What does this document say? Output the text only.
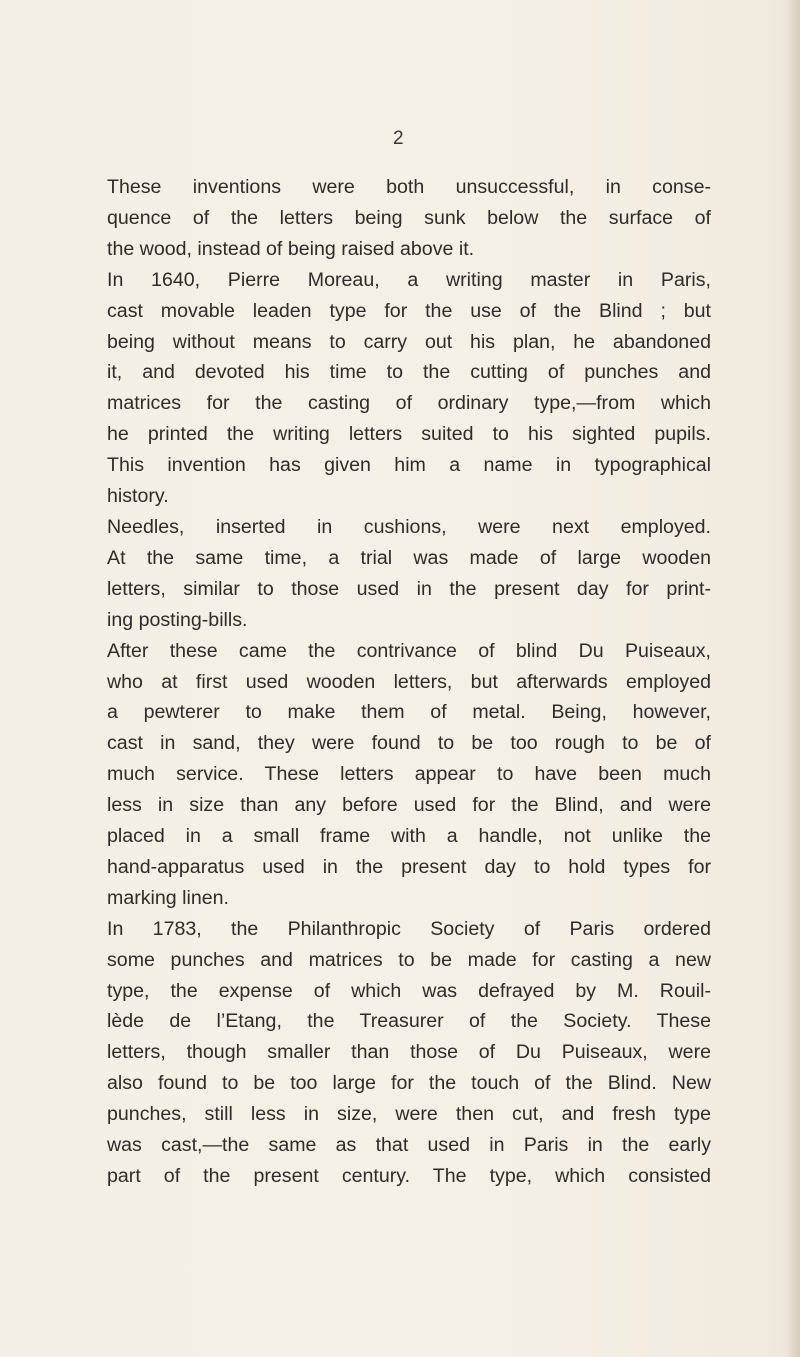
2

These inventions were both unsuccessful, in conse-
quence of the letters being sunk below the surface of
the wood, instead of being raised above it.

In 1640, Pierre Moreau, a writing master in Paris,
cast movable leaden type for the use of the Blind ; but
being without means to carry out his plan, he abandoned
it, and devoted his time to the cutting of punches and
matrices for the casting of ordinary type,—from which
he printed the writing letters suited to his sighted pupils.
This invention has given him a name in typographical
history.

Needles, inserted in cushions, were next employed.
At the same time, a trial was made of large wooden
letters, similar to those used in the present day for print-
ing posting-bills.

After these came the contrivance of blind Du Puiseaux,
who at first used wooden letters, but afterwards employed
a pewterer to make them of metal. Being, however,
cast in sand, they were found to be too rough to be of
much service. These letters appear to have been much
less in size than any before used for the Blind, and were
placed in a small frame with a handle, not unlike the
hand-apparatus used in the present day to hold types for
marking linen.

In 1783, the Philanthropic Society of Paris ordered
some punches and matrices to be made for casting a new
type, the expense of which was defrayed by M. Rouil-
lède de l’Etang, the Treasurer of the Society. These
letters, though smaller than those of Du Puiseaux, were
also found to be too large for the touch of the Blind. New
punches, still less in size, were then cut, and fresh type
was cast,—the same as that used in Paris in the early
part of the present century. The type, which consisted
